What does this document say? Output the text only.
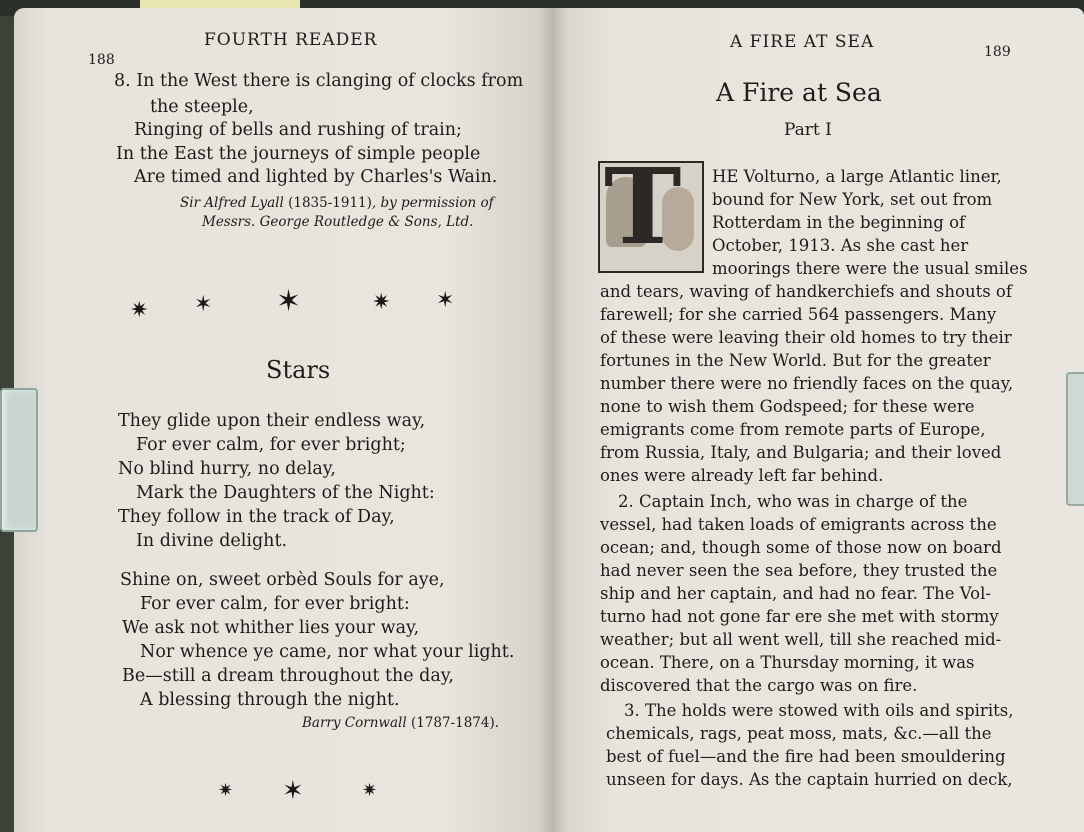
188
FOURTH READER
8. In the West there is clanging of clocks from
the steeple,
Ringing of bells and rushing of train;
In the East the journeys of simple people
Are timed and lighted by Charles's Wain.
Sir Alfred Lyall (1835-1911), by permission of
Messrs. George Routledge & Sons, Ltd.
✷ ✶ ✶	✷ ✶
Stars
They glide upon their endless way,
For ever calm, for ever bright;
No blind hurry, no delay,
Mark the Daughters of the Night:
They follow in the track of Day,
In divine delight.
Shine on, sweet orbèd Souls for aye,
For ever calm, for ever bright:
We ask not whither lies your way,
Nor whence ye came, nor what your light.
Be—still a dream throughout the day,
A blessing through the night.
Barry Cornwall (1787-1874).
✷ ✶	✷
A FIRE AT SEA	189
A Fire at Sea
Part I
T HE Volturno, a large Atlantic liner,
bound for New York, set out from
Rotterdam in the beginning of
October, 1913. As she cast her
moorings there were the usual smiles
and tears, waving of handkerchiefs and shouts of
farewell; for she carried 564 passengers. Many
of these were leaving their old homes to try their
fortunes in the New World. But for the greater
number there were no friendly faces on the quay,
none to wish them Godspeed; for these were
emigrants come from remote parts of Europe,
from Russia, Italy, and Bulgaria; and their loved
ones were already left far behind.
2. Captain Inch, who was in charge of the
vessel, had taken loads of emigrants across the
ocean; and, though some of those now on board
had never seen the sea before, they trusted the
ship and her captain, and had no fear. The Vol-
turno had not gone far ere she met with stormy
weather; but all went well, till she reached mid-
ocean. There, on a Thursday morning, it was
discovered that the cargo was on fire.
3. The holds were stowed with oils and spirits,
chemicals, rags, peat moss, mats, &c.—all the
best of fuel—and the fire had been smouldering
unseen for days. As the captain hurried on deck,
